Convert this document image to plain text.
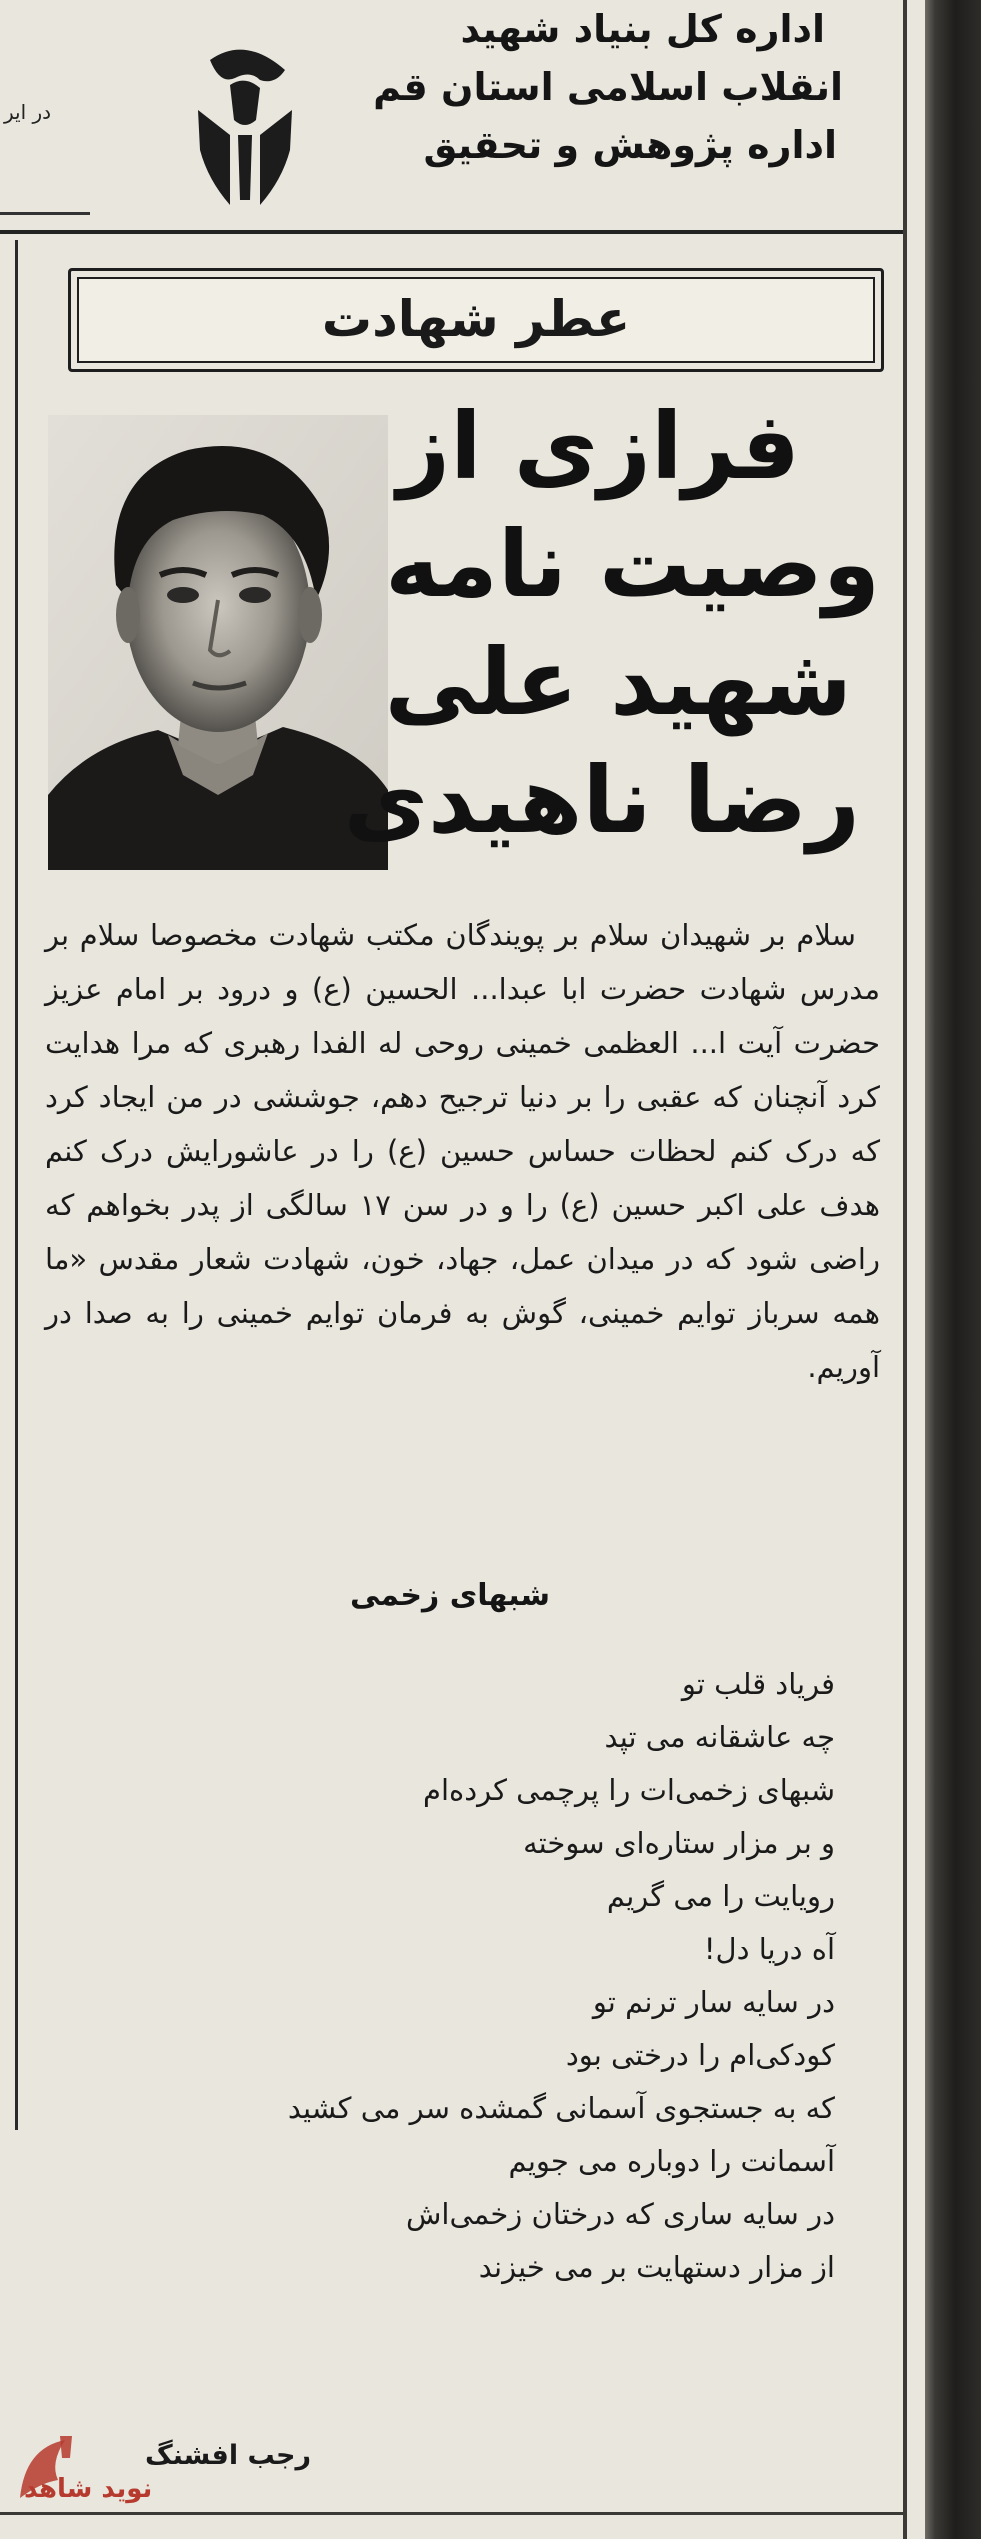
اداره کل بنیاد شهید
انقلاب اسلامی استان قم
اداره پژوهش و تحقیق
در ایر
عطر شهادت
فرازی از
وصیت نامه
شهید علی
رضا ناهیدی

سلام بر شهیدان سلام بر پویندگان مکتب شهادت مخصوصا سلام بر مدرس شهادت حضرت ابا عبدا... الحسین (ع) و درود بر امام عزیز حضرت آیت ا... العظمی خمینی روحی له الفدا رهبری که مرا هدایت کرد آنچنان که عقبی را بر دنیا ترجیح دهم، جوششی در من ایجاد کرد که درک کنم لحظات حساس حسین (ع) را در عاشورایش درک کنم هدف علی اکبر حسین (ع) را و در سن ۱۷ سالگی از پدر بخواهم که راضی شود که در میدان عمل، جهاد، خون، شهادت شعار مقدس «ما همه سرباز توایم خمینی، گوش به فرمان توایم خمینی را به صدا در آوریم.

شبهای زخمی
فریاد قلب تو
چه عاشقانه می تپد
شبهای زخمی‌ات را پرچمی کرده‌ام
و بر مزار ستاره‌ای سوخته
رویایت را می گریم
آه دریا دل!
در سایه سار ترنم تو
کودکی‌ام را درختی بود
که به جستجوی آسمانی گمشده سر می کشید
آسمانت را دوباره می جویم
در سایه ساری که درختان زخمی‌اش
از مزار دستهایت بر می خیزند
رجب افشنگ
نوید شاهد
